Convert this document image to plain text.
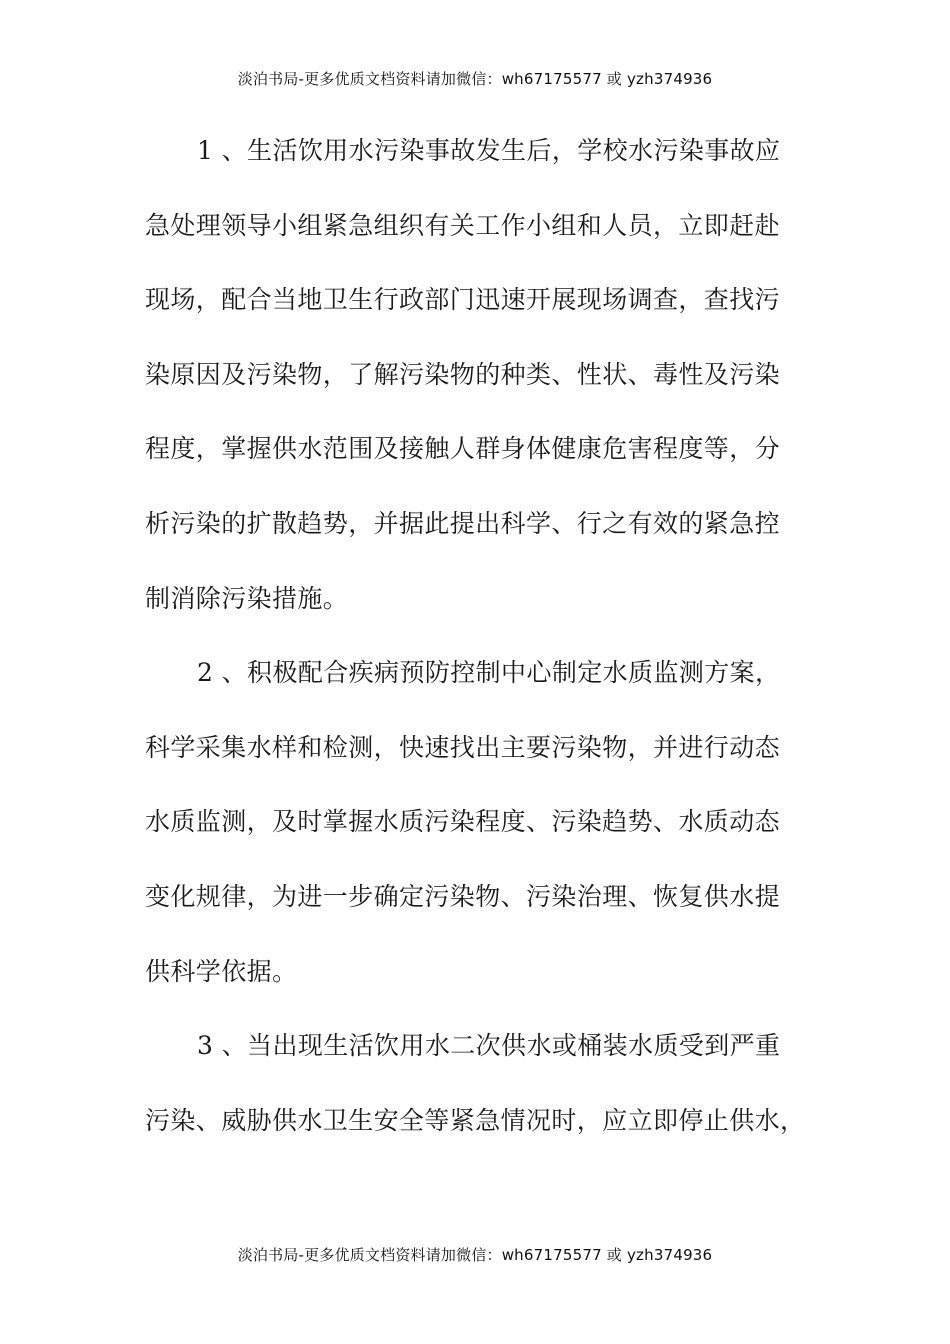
淡泊书局-更多优质文档资料请加微信：wh67175577 或 yzh374936
1 、生活饮用水污染事故发生后，学校水污染事故应
急处理领导小组紧急组织有关工作小组和人员，立即赶赴
现场，配合当地卫生行政部门迅速开展现场调查，查找污
染原因及污染物，了解污染物的种类、性状、毒性及污染
程度，掌握供水范围及接触人群身体健康危害程度等，分
析污染的扩散趋势，并据此提出科学、行之有效的紧急控
制消除污染措施。
2 、积极配合疾病预防控制中心制定水质监测方案，
科学采集水样和检测，快速找出主要污染物，并进行动态
水质监测，及时掌握水质污染程度、污染趋势、水质动态
变化规律，为进一步确定污染物、污染治理、恢复供水提
供科学依据。
3 、当出现生活饮用水二次供水或桶装水质受到严重
污染、威胁供水卫生安全等紧急情况时，应立即停止供水，
淡泊书局-更多优质文档资料请加微信：wh67175577 或 yzh374936
